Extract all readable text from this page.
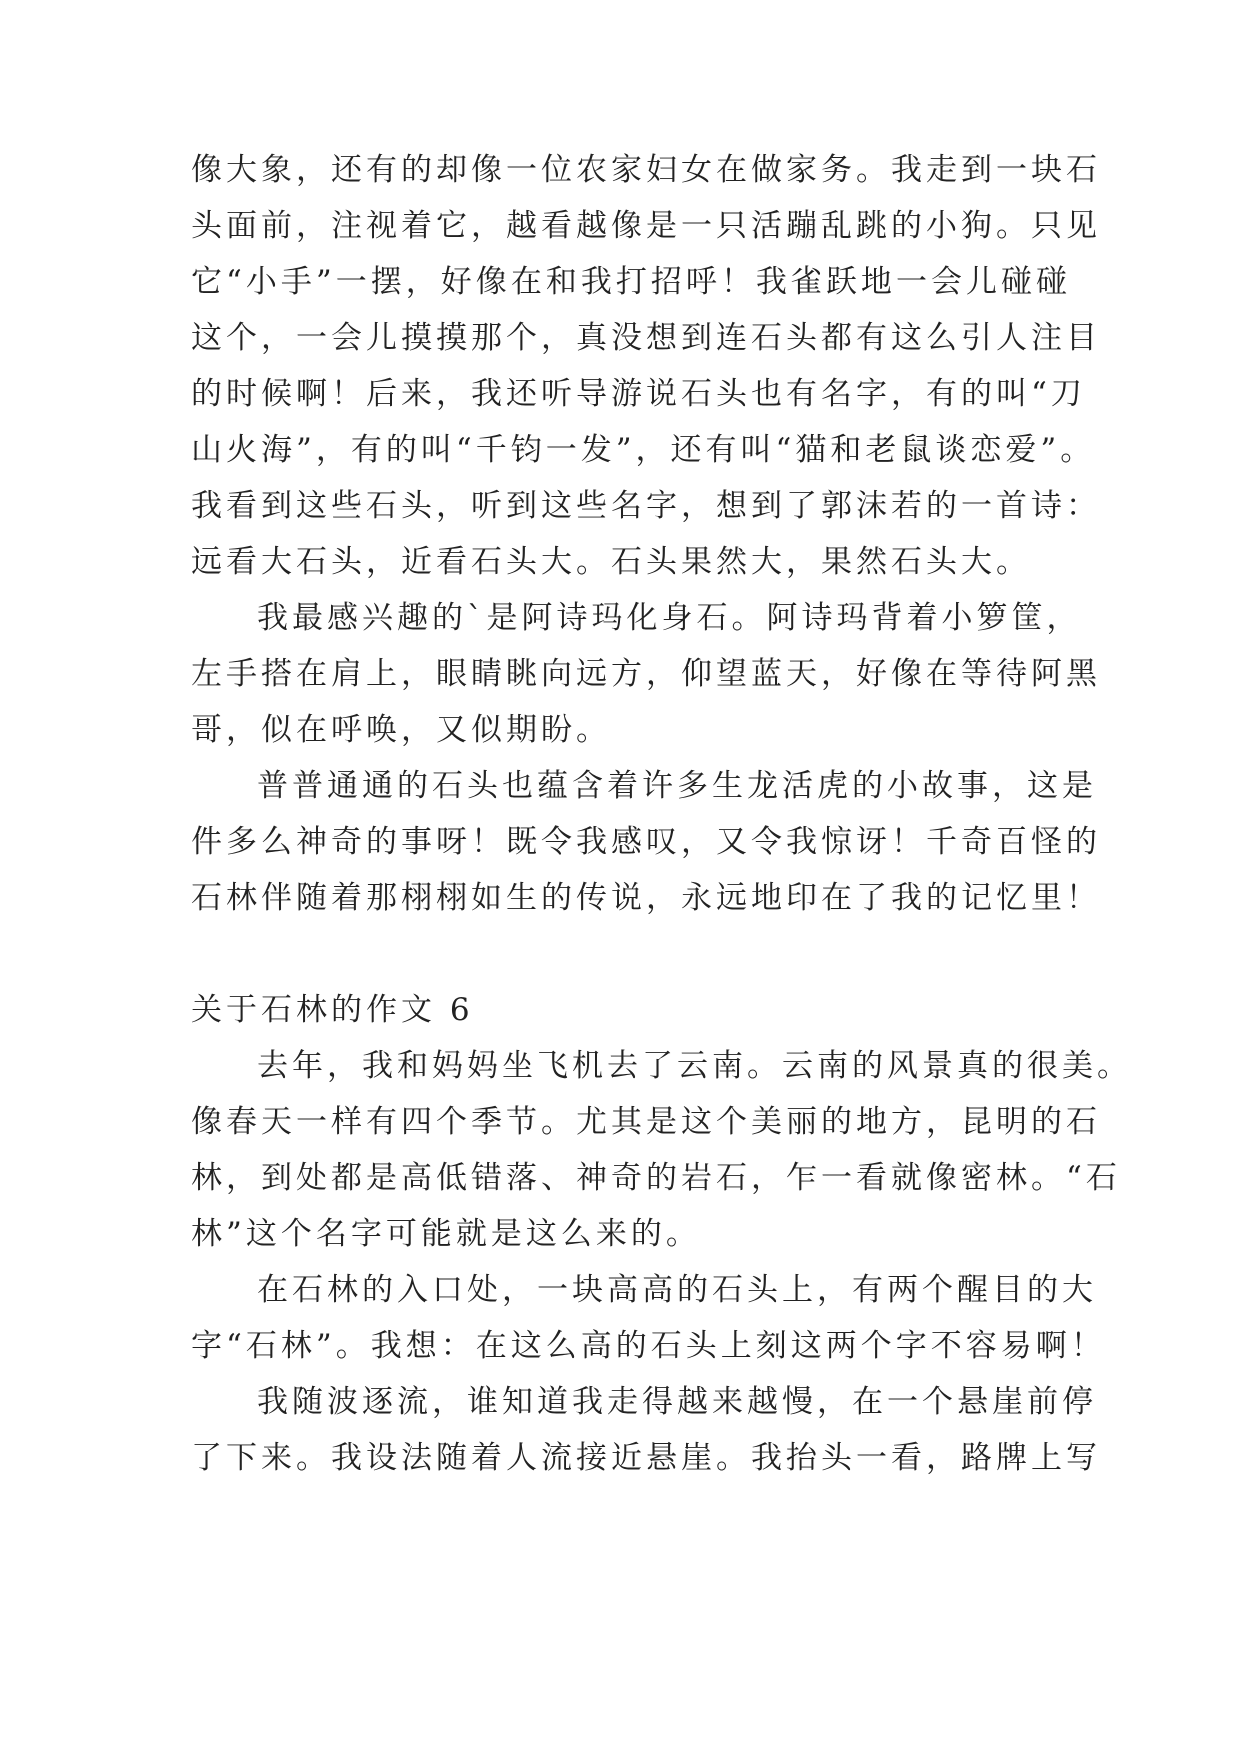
像大象，还有的却像一位农家妇女在做家务。我走到一块石
头面前，注视着它，越看越像是一只活蹦乱跳的小狗。只见
它“小手”一摆，好像在和我打招呼！我雀跃地一会儿碰碰
这个，一会儿摸摸那个，真没想到连石头都有这么引人注目
的时候啊！后来，我还听导游说石头也有名字，有的叫“刀
山火海”，有的叫“千钧一发”，还有叫“猫和老鼠谈恋爱”。
我看到这些石头，听到这些名字，想到了郭沫若的一首诗：
远看大石头，近看石头大。石头果然大，果然石头大。
我最感兴趣的`是阿诗玛化身石。阿诗玛背着小箩筐，
左手搭在肩上，眼睛眺向远方，仰望蓝天，好像在等待阿黑
哥，似在呼唤，又似期盼。
普普通通的石头也蕴含着许多生龙活虎的小故事，这是
件多么神奇的事呀！既令我感叹，又令我惊讶！千奇百怪的
石林伴随着那栩栩如生的传说，永远地印在了我的记忆里！
关于石林的作文 6
去年，我和妈妈坐飞机去了云南。云南的风景真的很美。
像春天一样有四个季节。尤其是这个美丽的地方，昆明的石
林，到处都是高低错落、神奇的岩石，乍一看就像密林。“石
林”这个名字可能就是这么来的。
在石林的入口处，一块高高的石头上，有两个醒目的大
字“石林”。我想：在这么高的石头上刻这两个字不容易啊！
我随波逐流，谁知道我走得越来越慢，在一个悬崖前停
了下来。我设法随着人流接近悬崖。我抬头一看，路牌上写
